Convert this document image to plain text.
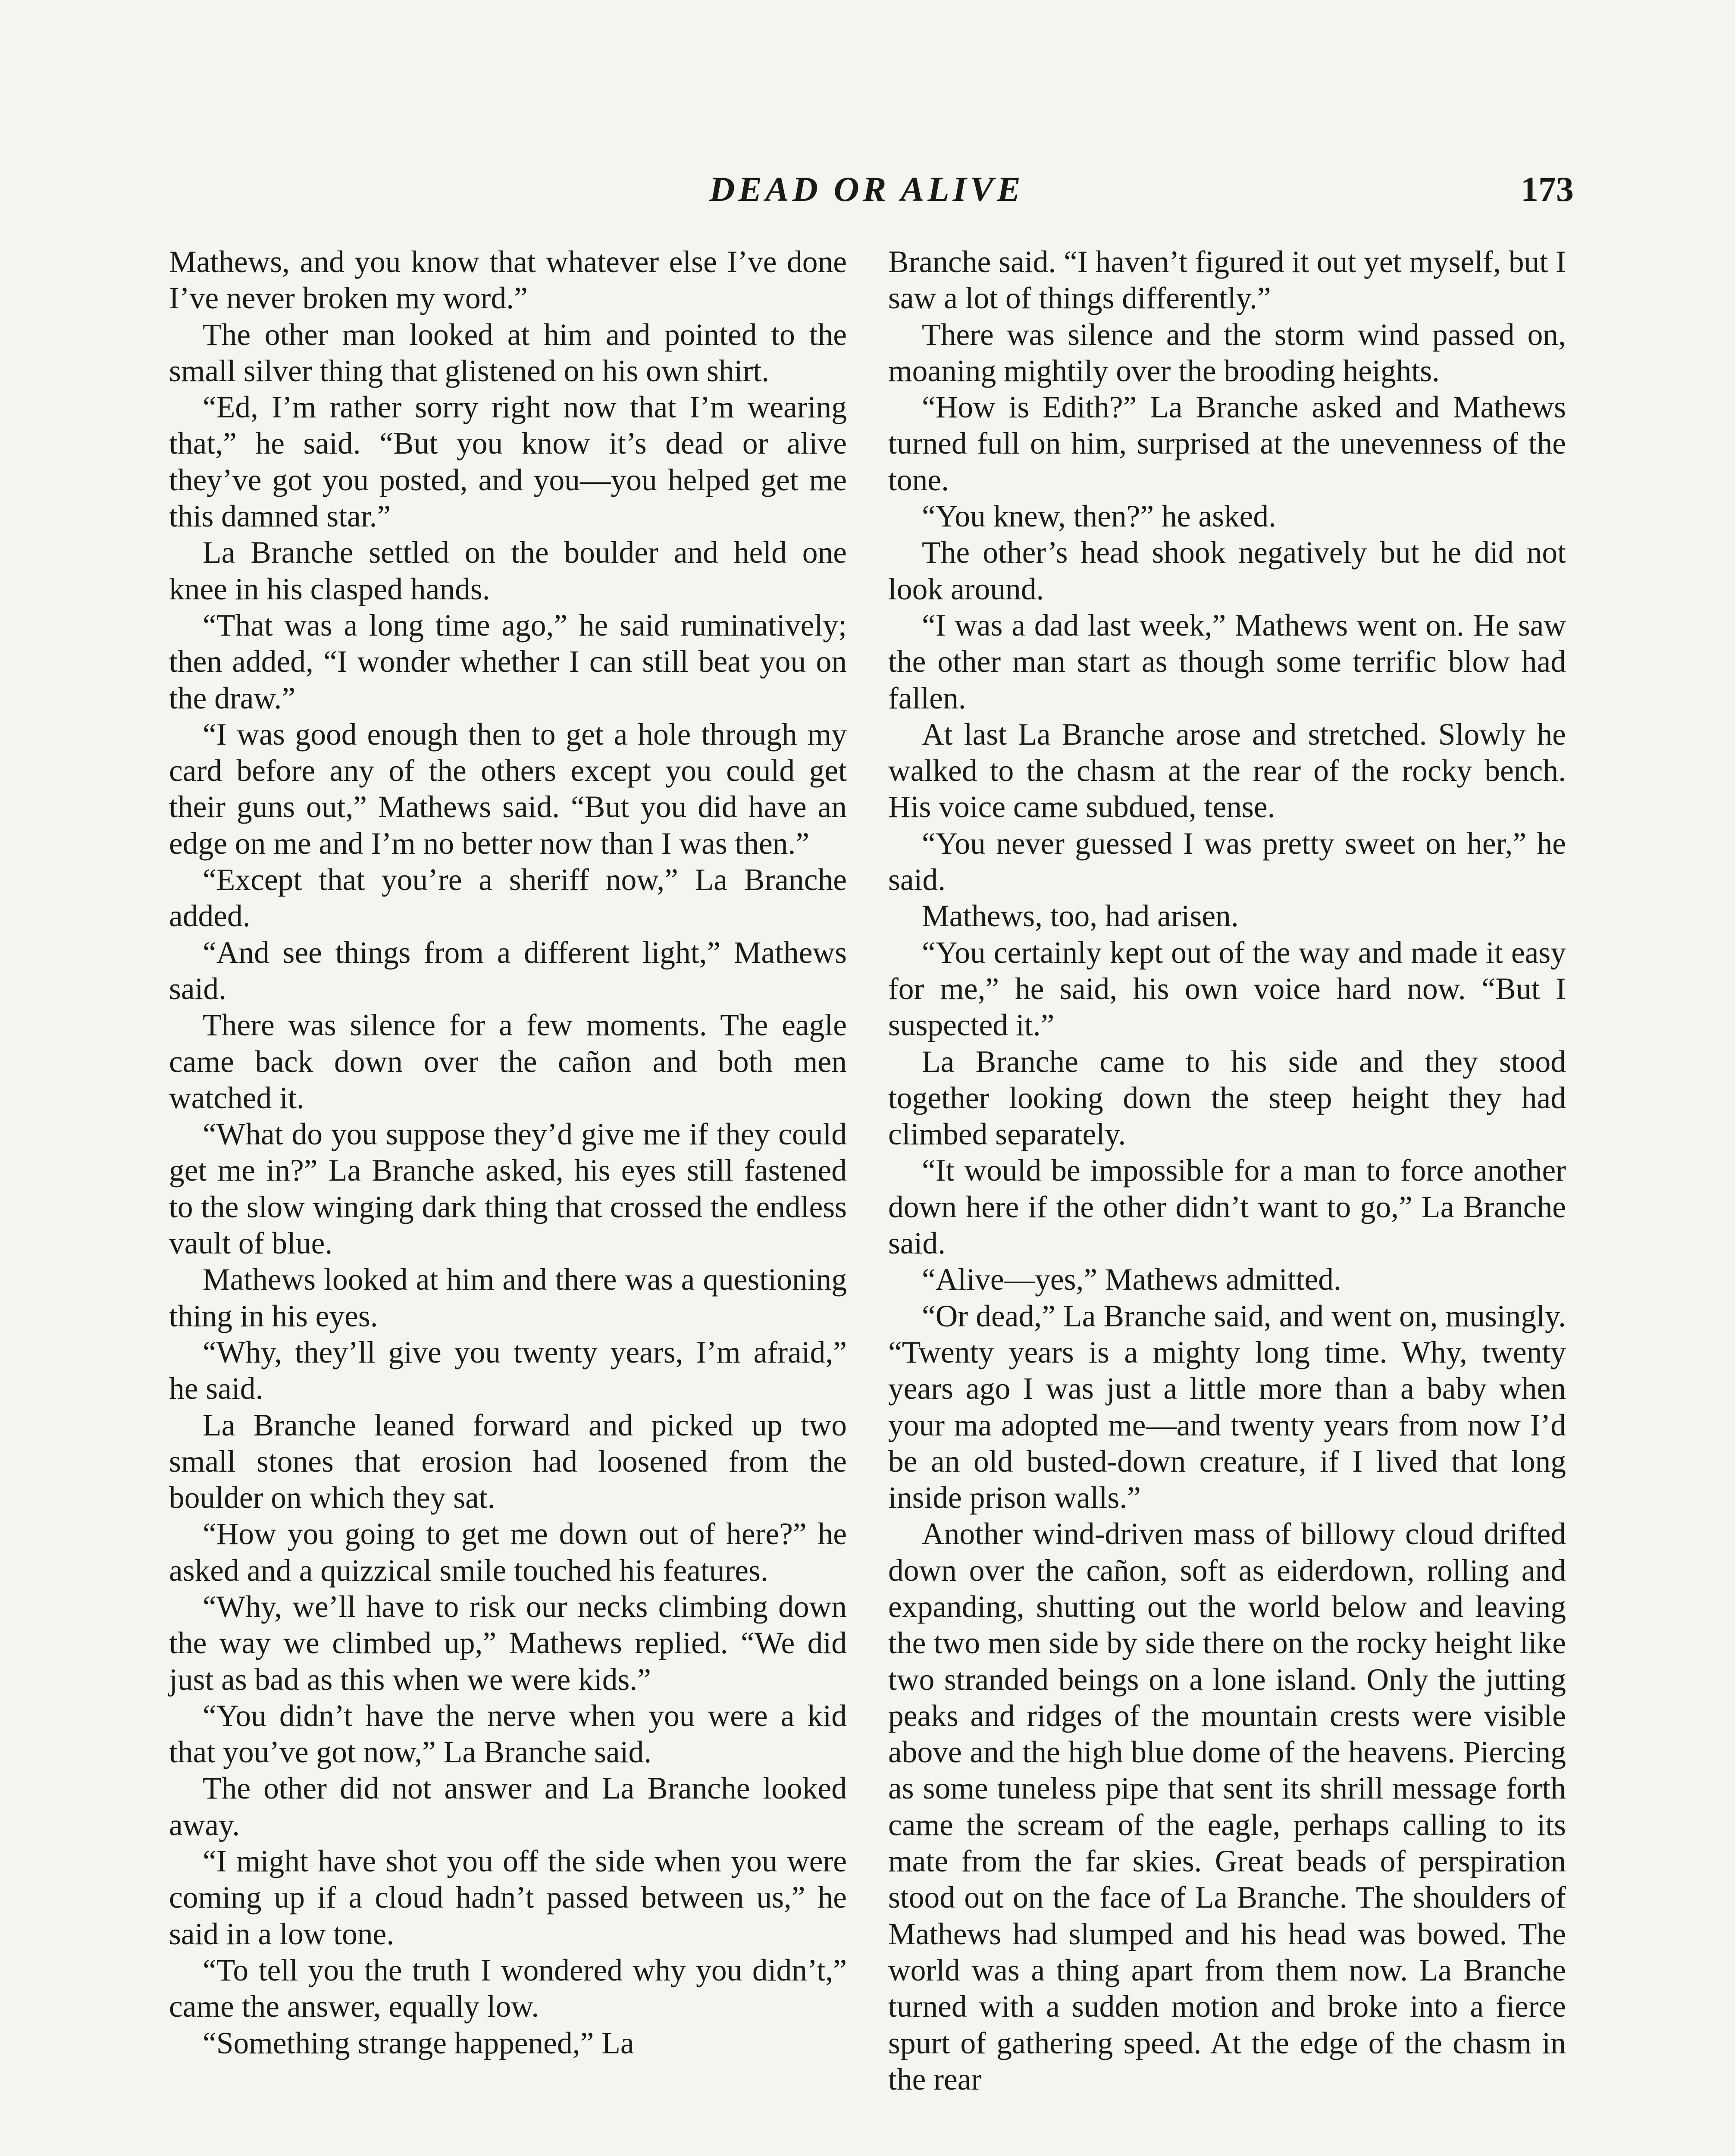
DEAD OR ALIVE	173

Mathews, and you know that whatever else I’ve done I’ve never broken my word.”

The other man looked at him and pointed to the small silver thing that glistened on his own shirt.

“Ed, I’m rather sorry right now that I’m wearing that,” he said. “But you know it’s dead or alive they’ve got you posted, and you—you helped get me this damned star.”

La Branche settled on the boulder and held one knee in his clasped hands.

“That was a long time ago,” he said ruminatively; then added, “I wonder whether I can still beat you on the draw.”

“I was good enough then to get a hole through my card before any of the others except you could get their guns out,” Mathews said. “But you did have an edge on me and I’m no better now than I was then.”

“Except that you’re a sheriff now,” La Branche added.

“And see things from a different light,” Mathews said.

There was silence for a few moments. The eagle came back down over the cañon and both men watched it.

“What do you suppose they’d give me if they could get me in?” La Branche asked, his eyes still fastened to the slow winging dark thing that crossed the endless vault of blue.

Mathews looked at him and there was a questioning thing in his eyes.

“Why, they’ll give you twenty years, I’m afraid,” he said.

La Branche leaned forward and picked up two small stones that erosion had loosened from the boulder on which they sat.

“How you going to get me down out of here?” he asked and a quizzical smile touched his features.

“Why, we’ll have to risk our necks climbing down the way we climbed up,” Mathews replied. “We did just as bad as this when we were kids.”

“You didn’t have the nerve when you were a kid that you’ve got now,” La Branche said.

The other did not answer and La Branche looked away.

“I might have shot you off the side when you were coming up if a cloud hadn’t passed between us,” he said in a low tone.

“To tell you the truth I wondered why you didn’t,” came the answer, equally low.

“Something strange happened,” La

Branche said. “I haven’t figured it out yet myself, but I saw a lot of things differently.”

There was silence and the storm wind passed on, moaning mightily over the brooding heights.

“How is Edith?” La Branche asked and Mathews turned full on him, surprised at the unevenness of the tone.

“You knew, then?” he asked.

The other’s head shook negatively but he did not look around.

“I was a dad last week,” Mathews went on. He saw the other man start as though some terrific blow had fallen.

At last La Branche arose and stretched. Slowly he walked to the chasm at the rear of the rocky bench. His voice came subdued, tense.

“You never guessed I was pretty sweet on her,” he said.

Mathews, too, had arisen.

“You certainly kept out of the way and made it easy for me,” he said, his own voice hard now. “But I suspected it.”

La Branche came to his side and they stood together looking down the steep height they had climbed separately.

“It would be impossible for a man to force another down here if the other didn’t want to go,” La Branche said.

“Alive—yes,” Mathews admitted.

“Or dead,” La Branche said, and went on, musingly. “Twenty years is a mighty long time. Why, twenty years ago I was just a little more than a baby when your ma adopted me—and twenty years from now I’d be an old busted-down creature, if I lived that long inside prison walls.”

Another wind-driven mass of billowy cloud drifted down over the cañon, soft as eiderdown, rolling and expanding, shutting out the world below and leaving the two men side by side there on the rocky height like two stranded beings on a lone island. Only the jutting peaks and ridges of the mountain crests were visible above and the high blue dome of the heavens. Piercing as some tuneless pipe that sent its shrill message forth came the scream of the eagle, perhaps calling to its mate from the far skies. Great beads of perspiration stood out on the face of La Branche. The shoulders of Mathews had slumped and his head was bowed. The world was a thing apart from them now. La Branche turned with a sudden motion and broke into a fierce spurt of gathering speed. At the edge of the chasm in the rear
